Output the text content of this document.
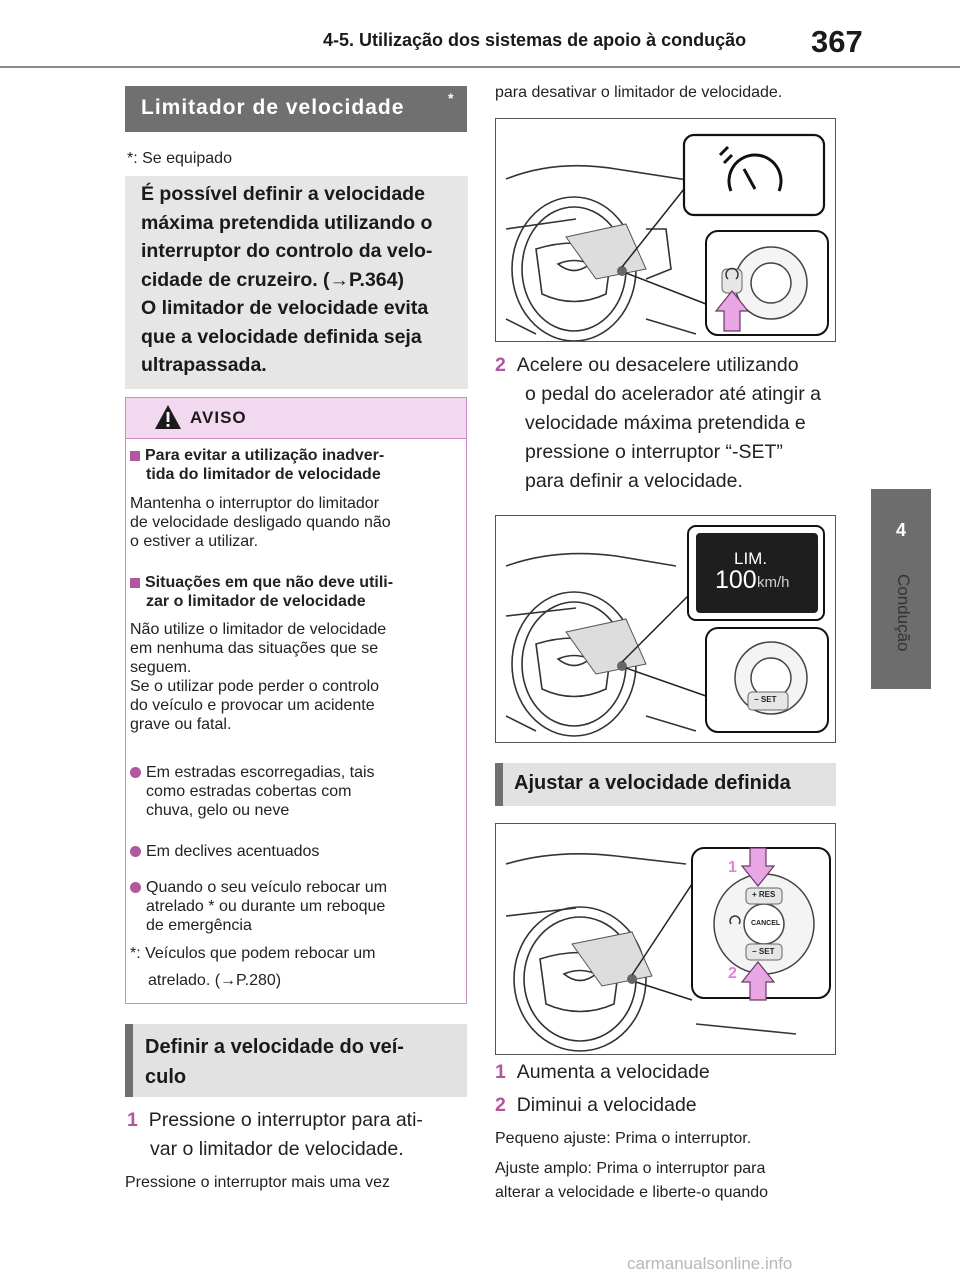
4-5. Utilização dos sistemas de apoio à condução 367
4
Condução
Limitador de velocidade	*
*: Se equipado
É possível definir a velocidade
máxima pretendida utilizando o
interruptor do controlo da velo-
cidade de cruzeiro. (→P.364)
O limitador de velocidade evita
que a velocidade definida seja
ultrapassada.
AVISO
Para evitar a utilização inadver-
tida do limitador de velocidade
Mantenha o interruptor do limitador
de velocidade desligado quando não
o estiver a utilizar.
Situações em que não deve utili-
zar o limitador de velocidade
Não utilize o limitador de velocidade
em nenhuma das situações que se
seguem.
Se o utilizar pode perder o controlo
do veículo e provocar um acidente
grave ou fatal.
Em estradas escorregadias, tais
como estradas cobertas com
chuva, gelo ou neve
Em declives acentuados
Quando o seu veículo rebocar um
atrelado * ou durante um reboque
de emergência
*: Veículos que podem rebocar um
atrelado. (→P.280)
Definir a velocidade do veí-
culo
1 Pressione o interruptor para ati-
var o limitador de velocidade.
Pressione o interruptor mais uma vez
para desativar o limitador de velocidade.
2 Acelere ou desacelere utilizando
o pedal do acelerador até atingir a
velocidade máxima pretendida e
pressione o interruptor “-SET”
para definir a velocidade.
LIM.
100 km/h
− SET
Ajustar a velocidade definida
1
2
+ RES
CANCEL
− SET
1 Aumenta a velocidade
2 Diminui a velocidade
Pequeno ajuste: Prima o interruptor.
Ajuste amplo: Prima o interruptor para
alterar a velocidade e liberte-o quando
carmanualsonline.info
